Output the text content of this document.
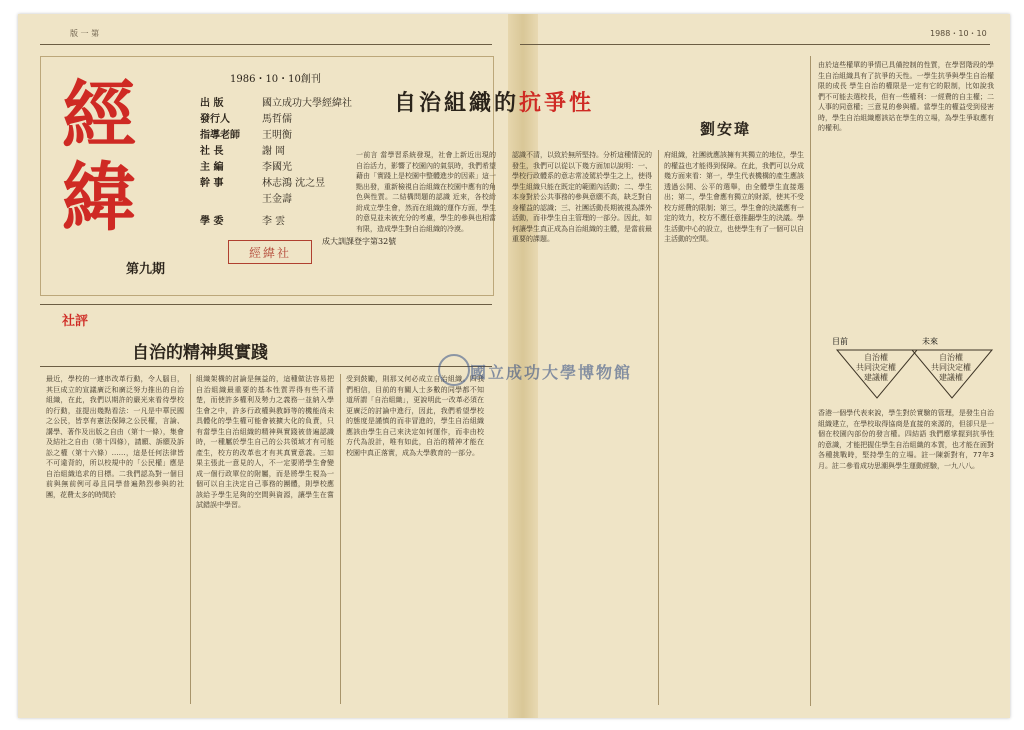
版 一 第	1988・10・10
經
緯
第九期
1986・10・10創刊
出 版	國立成功大學經緯社
發行人	馬哲儒
指導老師	王明衡
社 長	謝 岡
主 編	李國光
幹 事	林志鴻 沈之昱
王金壽
學 委	李 雲
成大訓課登字第32號
經緯社
社評
自治的精神與實踐
最近，學校的一連串改革行動，令人腦目，其巨成立的宣議廣泛和廣泛努力推出的自治組織，在此，我們以期許的嚴光來看待學校的行動，並提出幾點看法：一凡是中華民國之公民，皆享有憲法保障之公民權，言論、講學、著作及出版之自由（第十一條），集會及結社之自由（第十四條），請願、訴願及訴訟之權（第十六條）……，這是任何法律皆不可違背的，所以校規中的「公民權」應是自治組織追求的目標。二我們認為對一個目前與無前例可尋且同學普遍熱烈參與的社團，花費太多的時間於
組織架構的討論是無益的，這種做法容易把自治組織最重要的基本性質弄得有些不清楚，而使許多權利及勢力之義務一並納入學生會之中，許多行政權與教師等的機能尚未具體化的學生權可能會被擴大化的負責，只有當學生自治組織的精神與實踐被普遍認識時，一種屬於學生自己的公共領域才有可能產生，校方的改革也才有其真實意義。三如果主張此一意見的人，不一定要將學生會變成一個行政單位的附屬，而是將學生視為一個可以自主決定自己事務的團體，則學校應該給予學生足夠的空間與資源，讓學生在嘗試錯誤中學習。
受到鼓勵，則那又何必成立自治組織。四我們相信，目前的有關人士多數的同學都不知道所謂「自治組織」，更說明此一改革必須在更廣泛的討論中進行，因此，我們希望學校的態度是謹慎的而非冒進的，學生自治組織應該由學生自己來決定如何運作，而非由校方代為設計，唯有如此，自治的精神才能在校園中真正落實，成為大學教育的一部分。
自治組織的抗爭性
劉安瑋
一前言 當學習系統發現，社會上新近出現的自治活力，影響了校園內的氣氛時，我們希望藉由「實踐上是校園中整體進步的因素」這一點出發，重新檢視自治組織在校園中應有的角色與性質。二結構問題的認識 近來，各校紛紛成立學生會，然而在組織的運作方面，學生的意見並未被充分的考慮，學生的參與也相當有限，造成學生對自治組織的冷漠。
認識不清，以致於無所堅持。分析這種情況的發生，我們可以從以下幾方面加以說明：一、學校行政體系的意志常凌駕於學生之上，使得學生組織只能在既定的範圍內活動；二、學生本身對於公共事務的參與意願不高，缺乏對自身權益的認識；三、社團活動長期被視為課外活動，而非學生自主管理的一部分。因此，如何讓學生真正成為自治組織的主體，是當前最重要的課題。
府組織，社團就應該擁有其獨立的地位，學生的權益也才能得到保障。在此，我們可以分成幾方面來看：第一，學生代表機構的產生應該透過公開、公平的選舉，由全體學生直接選出；第二，學生會應有獨立的財源，使其不受校方經費的限制；第三，學生會的決議應有一定的效力，校方不應任意推翻學生的決議。學生活動中心的設立，也使學生有了一個可以自主活動的空間。
由於這些權單的爭情已具備控制的性質，在學習階段的學生自治組織具有了抗爭的天性。一學生抗爭與學生自治權限的成長 學生自治的權限是一定有它的限制，比如說我們不可能去選校長，但有一些權利：一經費的自主權；二人事的同意權；三意見的參與權。當學生的權益受到侵害時，學生自治組織應該站在學生的立場，為學生爭取應有的權利。
目前	未來
自治權
共同決定權
建議權
自治權
共同決定權
建議權
香港一個學代表來說，學生對於實驗的管理，是發生自治組織建立，在學校取得協商是直接的來源的，但卻只是一個在校園內部份的發言權。四結語 我們應掌握到抗爭性的意識，才能把握住學生自治組織的本質，也才能在面對各種挑戰時，堅持學生的立場。註一陳新對有，77年3月。註二參看成功思潮與學生運動經驗，一九八八。
國立成功大學博物館
